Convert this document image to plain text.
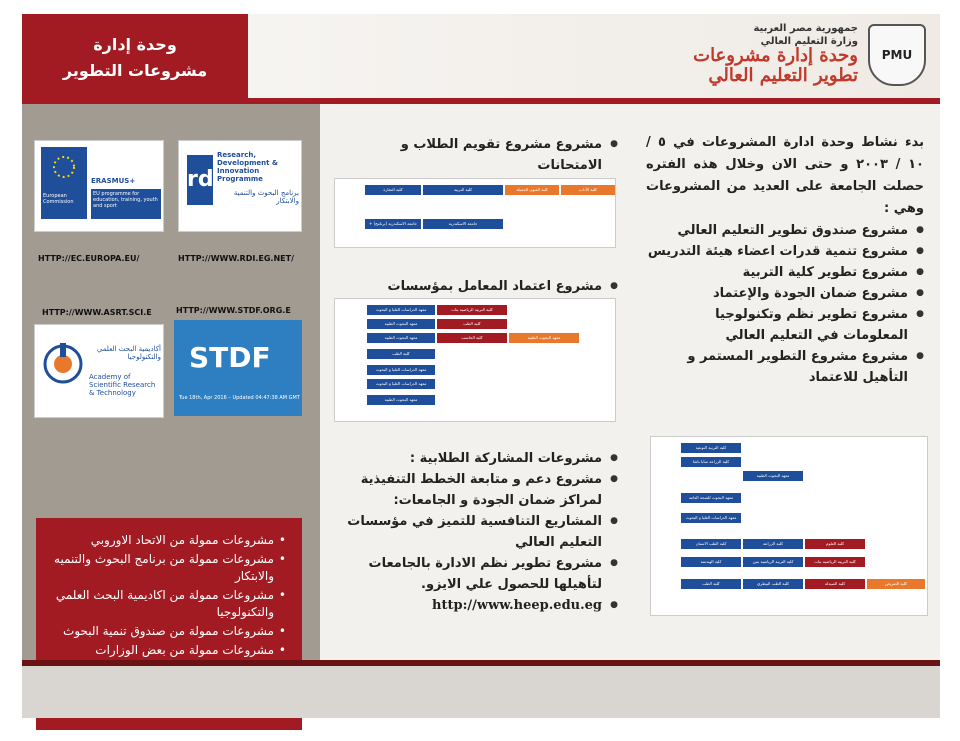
وحدة إدارة مشروعات التطوير
PMU
جمهورية مصر العربية
وزارة التعليم العالي
وحدة إدارة مشروعات
تطوير التعليم العالي
European Commission
ERASMUS+
EU programme for education, training, youth and sport
HTTP://EC.EUROPA.EU/
rd
Research, Development & Innovation Programme
برنامج البحوث والتنمية والابتكار
HTTP://WWW.RDI.EG.NET/
HTTP://WWW.ASRT.SCI.E
أكاديمية البحث العلمي والتكنولوجيا
Academy of Scientific Research & Technology
HTTP://WWW.STDF.ORG.E
STDF
Tue 18th, Apr 2016 – Updated 04:47:38 AM GMT
• مشروعات ممولة من الاتحاد الاوروبي
• مشروعات ممولة من برنامج البحوث والتنميه والابتكار
• مشروعات ممولة من اكاديمية البحث العلمي والتكنولوجيا
• مشروعات ممولة من صندوق تنمية البحوث
• مشروعات ممولة من بعض الوزارات

بدء نشاط وحدة ادارة المشروعات في ٥ / ١٠ / ٢٠٠٣ و حتى الان وخلال هذه الفتره حصلت الجامعة على العديد من المشروعات وهي :

● مشروع صندوق تطوير التعليم العالي
● مشروع تنمية قدرات اعضاء هيئة التدريس
● مشروع تطوير كلية التربية
● مشروع ضمان الجودة والإعتماد
● مشروع تطوير نظم وتكنولوجيا المعلومات في التعليم العالي
● مشروع مشروع التطوير المستمر و التأهيل للاعتماد
● مشروع مشروع تقويم الطلاب و الامتحانات
كلية الآداب
كلية الفنون الجميلة
كلية التربية
كلية التجارة
جامعة الاسكندرية
جامعة الاسكندرية (برنامج) + كليات
● مشروع اعتماد المعامل بمؤسسات
معهد الدراسات العليا و البحوث	كلية التربية الرياضية بنات
معهد البحوث الطبية	كلية الطب
معهد البحوث الطبية	كلية الحاسب	معهد البحوث الطبية
كلية الطب
معهد الدراسات العليا و البحوث
معهد الدراسات العليا و البحوث
معهد البحوث الطبية
● مشروعات المشاركة الطلابية :
● مشروع دعم و متابعة الخطط التنفيذية لمراكز ضمان الجودة و الجامعات:
● المشاريع التنافسية للتميز في مؤسسات التعليم العالي
● مشروع تطوير نظم الادارة بالجامعات لتأهيلها للحصول علي الايزو.
● http://www.heep.edu.eg
كلية التربية النوعية
كلية الزراعة سابا باشا
معهد البحوث الطبية
معهد البحوث للصحة العامة
معهد الدراسات العليا و البحوث
كلية العلوم
كلية الزراعة
كلية الطب الاسنان
كلية الهندسة	كلية التربية الرياضية بنين	كلية التربية الرياضية بنات
كلية التمريض
كلية الصيدلة
كلية الطب البيطري
كلية الطب
